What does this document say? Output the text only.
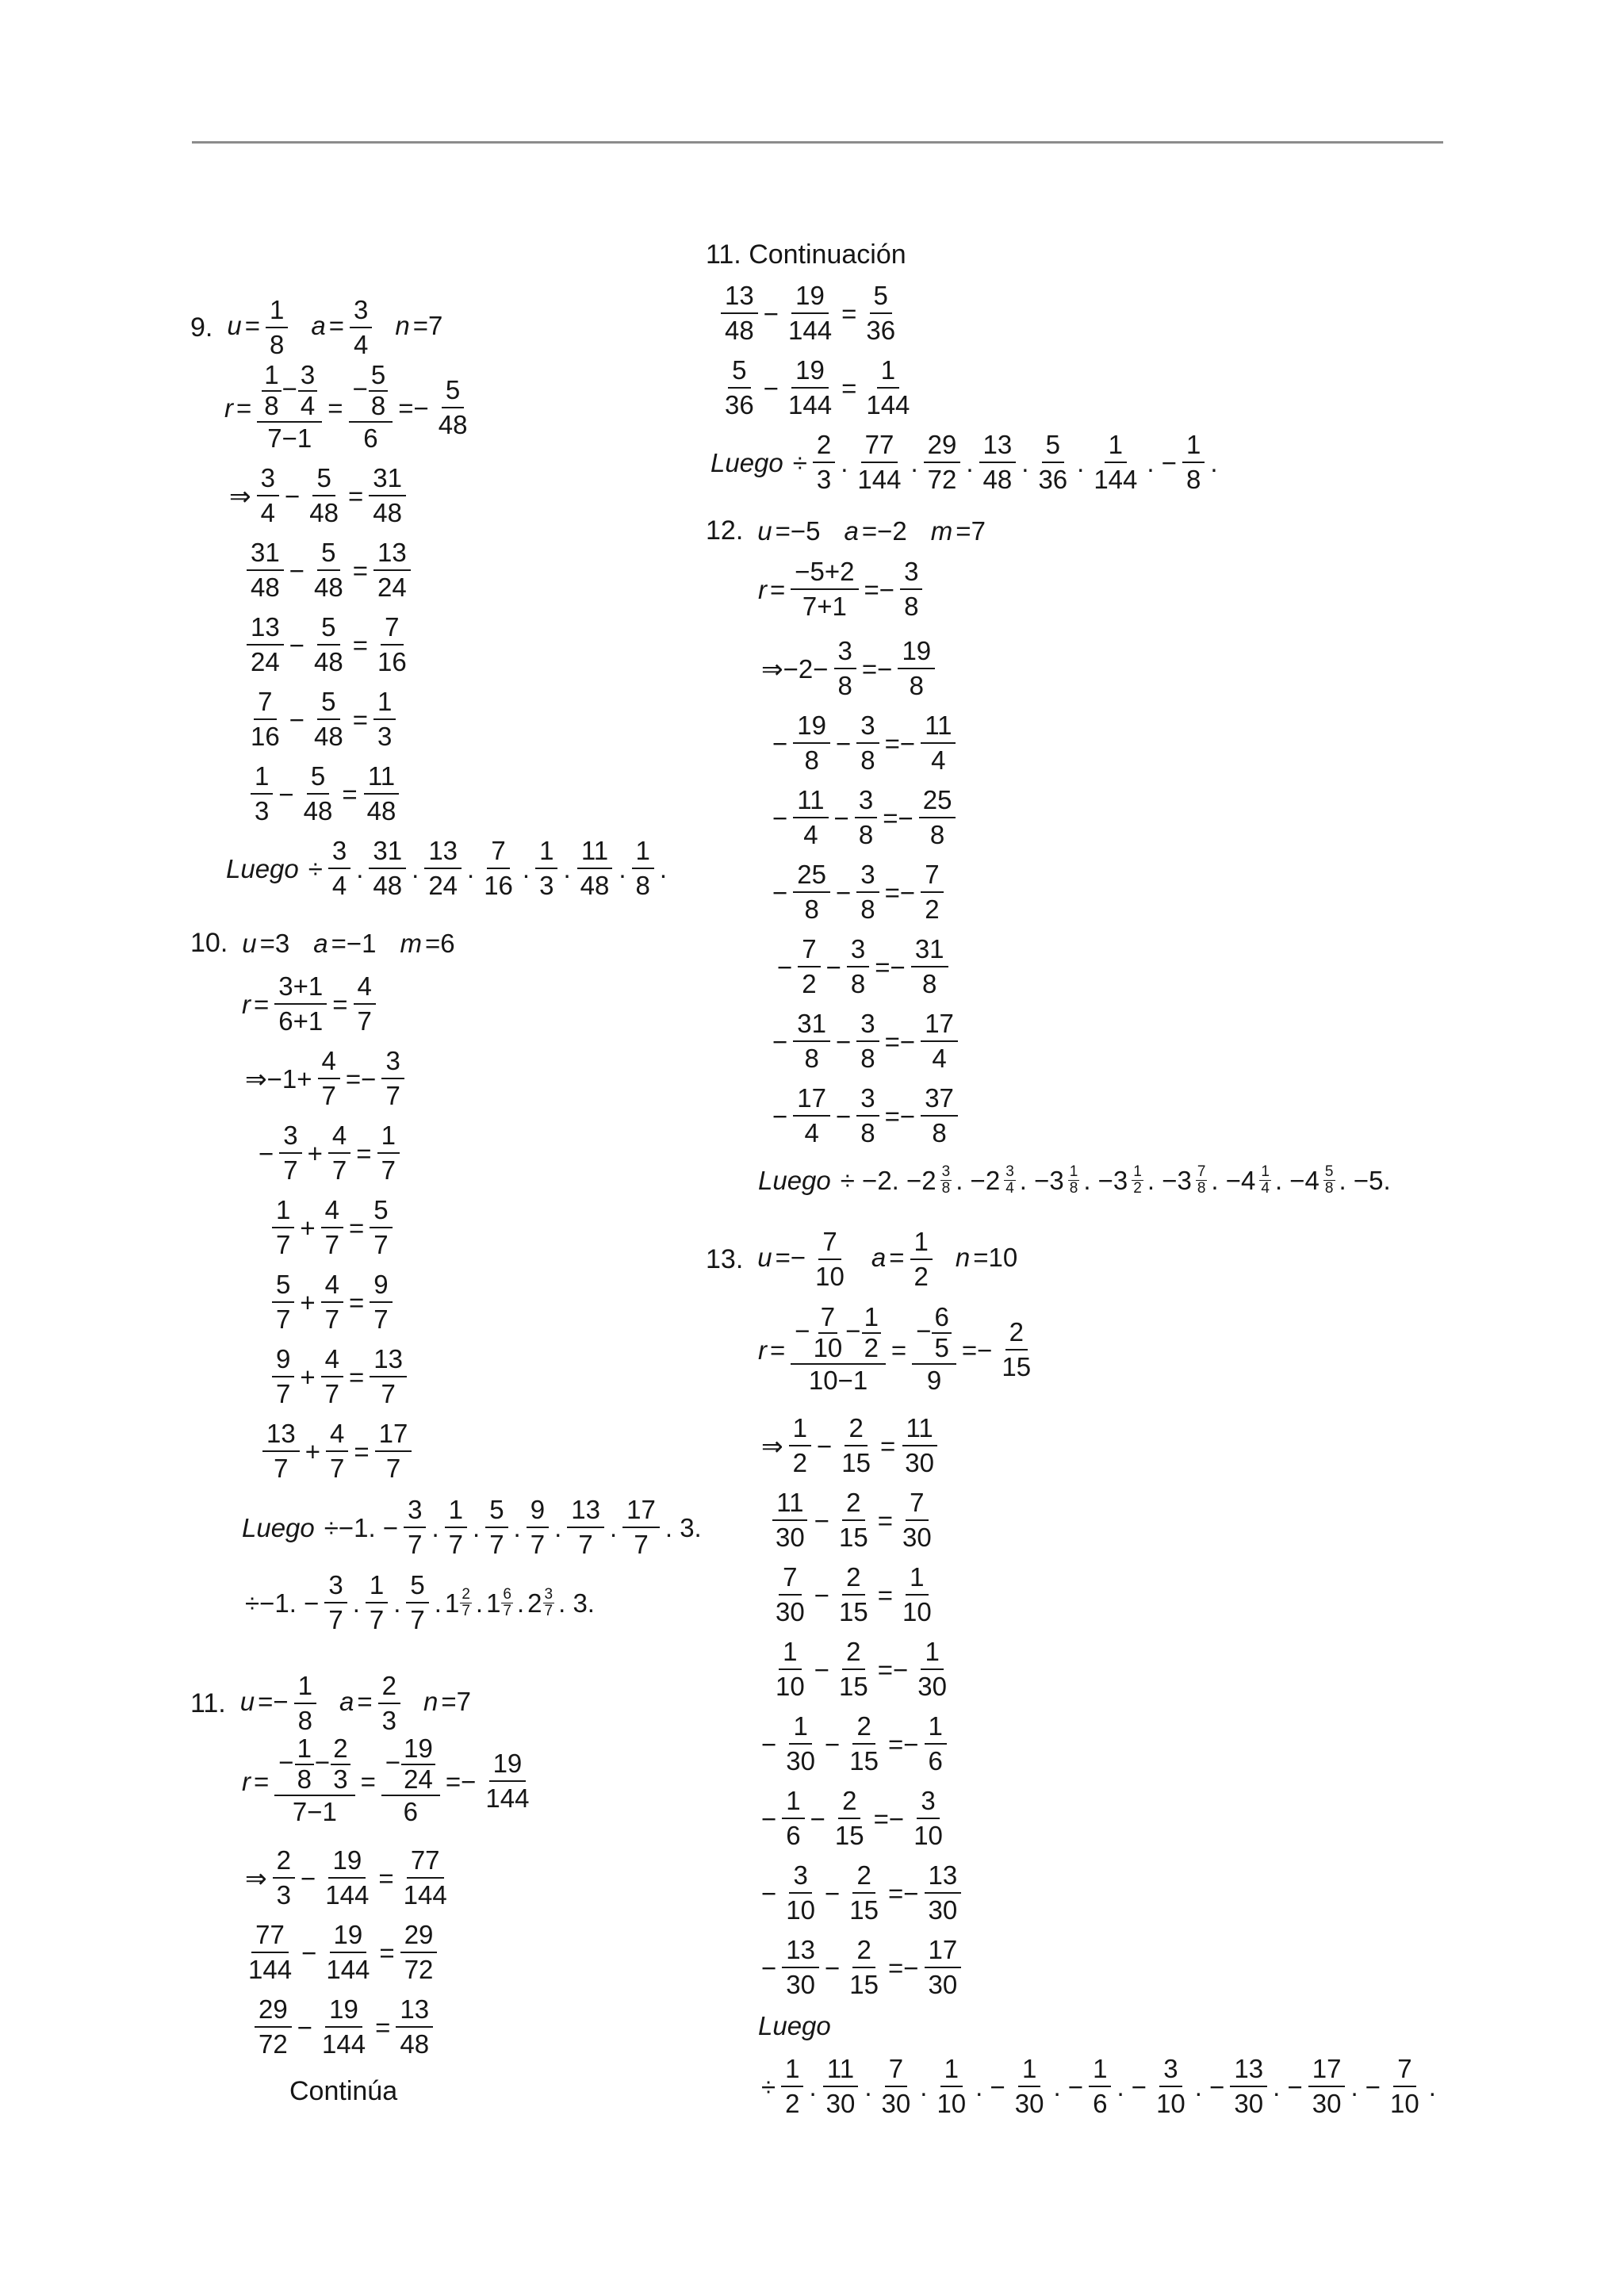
9. $u = \frac{1}{8}$ $a = \frac{3}{4}$ n =7
$r = \frac{\frac{1}{8} - \frac{3}{4}}{7-1} = \frac{- \frac{5}{8}}{6} =- \frac{5}{48}$
⇒ $\frac{3}{4} - \frac{5}{48} = \frac{31}{48}$
$\frac{31}{48} - \frac{5}{48} = \frac{13}{24}$
$\frac{13}{24} - \frac{5}{48} = \frac{7}{16}$
$\frac{7}{16} - \frac{5}{48} = \frac{1}{3}$
$\frac{1}{3} - \frac{5}{48} = \frac{11}{48}$
Luego ÷ $\frac{3}{4}$ . $\frac{31}{48}$ . $\frac{13}{24}$ . $\frac{7}{16}$ . $\frac{1}{3}$ . $\frac{11}{48}$ . $\frac{1}{8}$ .
10. u =3 a =−1 m =6
$r = \frac{3+1}{6+1} = \frac{4}{7}$
⇒−1+ $\frac{4}{7} =- \frac{3}{7}$
− $\frac{3}{7} + \frac{4}{7} = \frac{1}{7}$
$\frac{1}{7} + \frac{4}{7} = \frac{5}{7}$
$\frac{5}{7} + \frac{4}{7} = \frac{9}{7}$
$\frac{9}{7} + \frac{4}{7} = \frac{13}{7}$
$\frac{13}{7} + \frac{4}{7} = \frac{17}{7}$
Luego ÷−1. − $\frac{3}{7}$ . $\frac{1}{7}$ . $\frac{5}{7}$ . $\frac{9}{7}$ . $\frac{13}{7}$ . $\frac{17}{7}$ . 3.
÷−1. − $\frac{3}{7}$ . $\frac{1}{7}$ . $\frac{5}{7}$ . $1 \frac{2}{7}$ . $1 \frac{6}{7}$ . $2 \frac{3}{7}$ . 3.
11. $u =- \frac{1}{8}$ $a = \frac{2}{3}$ n =7
$r = \frac{- \frac{1}{8} - \frac{2}{3}}{7-1} = \frac{- \frac{19}{24}}{6} =- \frac{19}{144}$
⇒ $\frac{2}{3} - \frac{19}{144} = \frac{77}{144}$
$\frac{77}{144} - \frac{19}{144} = \frac{29}{72}$
$\frac{29}{72} - \frac{19}{144} = \frac{13}{48}$
Continúa
11. Continuación
$\frac{13}{48} - \frac{19}{144} = \frac{5}{36}$
$\frac{5}{36} - \frac{19}{144} = \frac{1}{144}$
Luego ÷ $\frac{2}{3}$ . $\frac{77}{144}$ . $\frac{29}{72}$ . $\frac{13}{48}$ . $\frac{5}{36}$ . $\frac{1}{144}$ . − $\frac{1}{8}$ .
12. u =−5 a =−2 m =7
$r = \frac{-5+2}{7+1} =- \frac{3}{8}$
⇒−2− $\frac{3}{8} =- \frac{19}{8}$
− $\frac{19}{8} - \frac{3}{8} =- \frac{11}{4}$
− $\frac{11}{4} - \frac{3}{8} =- \frac{25}{8}$
− $\frac{25}{8} - \frac{3}{8} =- \frac{7}{2}$
− $\frac{7}{2} - \frac{3}{8} =- \frac{31}{8}$
− $\frac{31}{8} - \frac{3}{8} =- \frac{17}{4}$
− $\frac{17}{4} - \frac{3}{8} =- \frac{37}{8}$
Luego ÷ −2. $-2 \frac{3}{8}$ . $-2 \frac{3}{4}$ . $-3 \frac{1}{8}$ . $-3 \frac{1}{2}$ . $-3 \frac{7}{8}$ . $-4 \frac{1}{4}$ . $-4 \frac{5}{8}$ . −5.
13. $u =- \frac{7}{10}$ $a = \frac{1}{2}$ n =10
$r = \frac{- \frac{7}{10} - \frac{1}{2}}{10-1} = \frac{- \frac{6}{5}}{9} =- \frac{2}{15}$
⇒ $\frac{1}{2} - \frac{2}{15} = \frac{11}{30}$
$\frac{11}{30} - \frac{2}{15} = \frac{7}{30}$
$\frac{7}{30} - \frac{2}{15} = \frac{1}{10}$
$\frac{1}{10} - \frac{2}{15} =- \frac{1}{30}$
− $\frac{1}{30} - \frac{2}{15} =- \frac{1}{6}$
− $\frac{1}{6} - \frac{2}{15} =- \frac{3}{10}$
− $\frac{3}{10} - \frac{2}{15} =- \frac{13}{30}$
− $\frac{13}{30} - \frac{2}{15} =- \frac{17}{30}$
Luego
÷ $\frac{1}{2}$ . $\frac{11}{30}$ . $\frac{7}{30}$ . $\frac{1}{10}$ . − $\frac{1}{30}$ . − $\frac{1}{6}$ . − $\frac{3}{10}$ . − $\frac{13}{30}$ . − $\frac{17}{30}$ . − $\frac{7}{10}$ .
